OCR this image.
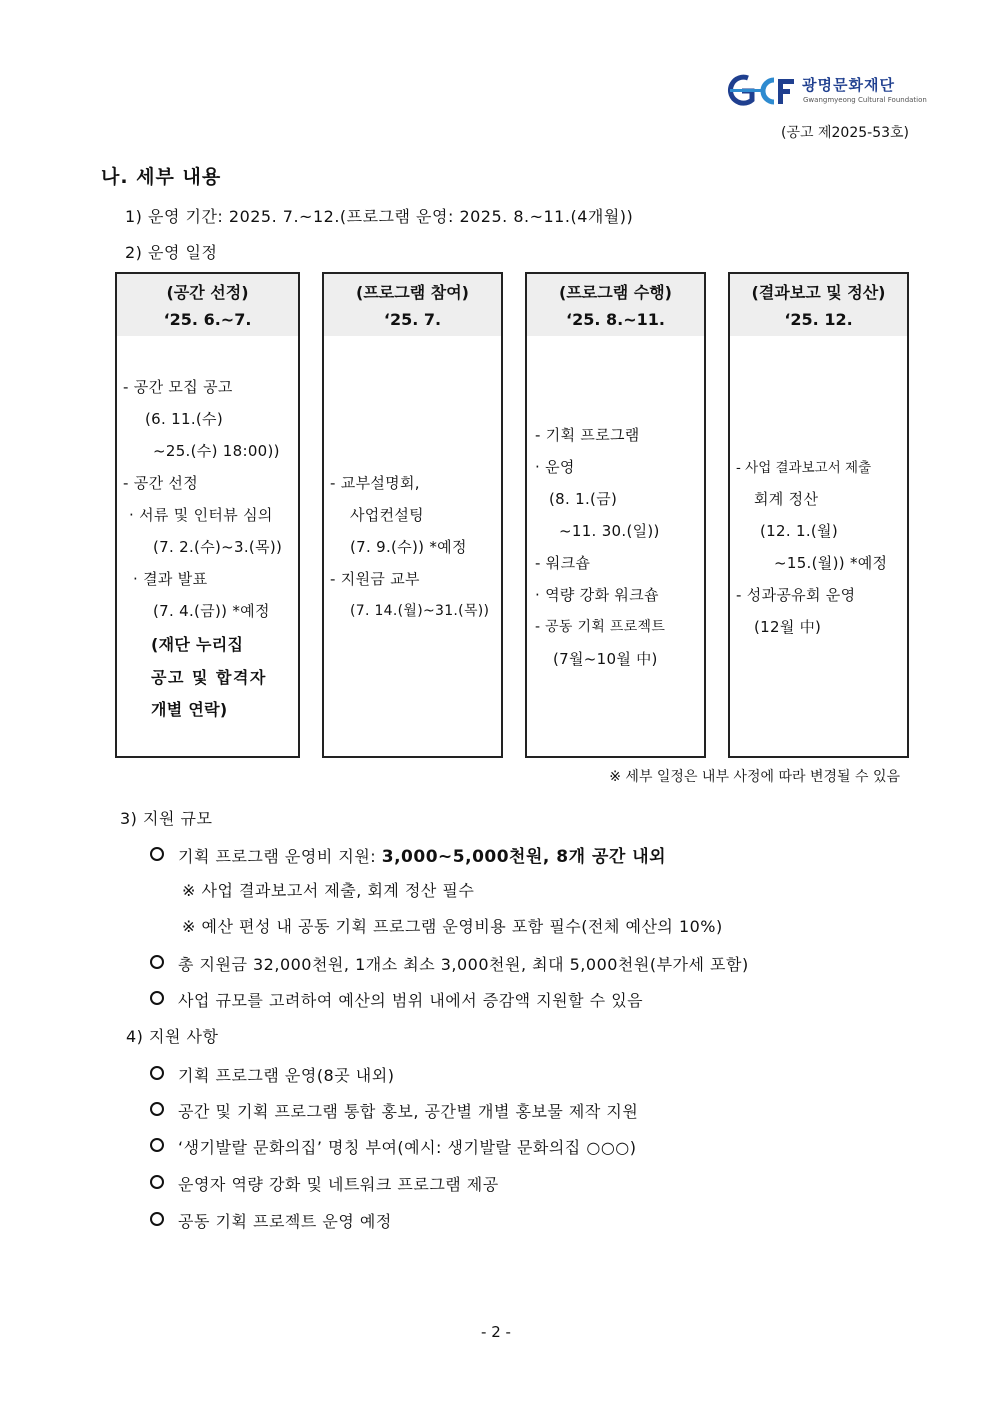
광명문화재단
Gwangmyeong Cultural Foundation
(공고 제2025-53호)
나. 세부 내용
1) 운영 기간: 2025. 7.~12.(프로그램 운영: 2025. 8.~11.(4개월))
2) 운영 일정
(공간 선정)
‘25. 6.~7.
- 공간 모집 공고
(6. 11.(수)
~25.(수) 18:00))
- 공간 선정
· 서류 및 인터뷰 심의
(7. 2.(수)~3.(목))
· 결과 발표
(7. 4.(금)) *예정
(재단 누리집
공고 및 합격자
개별 연락)
(프로그램 참여)
‘25. 7.
- 교부설명회,
사업컨설팅
(7. 9.(수)) *예정
- 지원금 교부
(7. 14.(월)~31.(목))
(프로그램 수행)
‘25. 8.~11.
- 기획 프로그램
· 운영
(8. 1.(금)
~11. 30.(일))
- 워크숍
· 역량 강화 워크숍
- 공동 기획 프로젝트
(7월~10월 中)
(결과보고 및 정산)
‘25. 12.
- 사업 결과보고서 제출
회계 정산
(12. 1.(월)
~15.(월)) *예정
- 성과공유회 운영
(12월 中)
※ 세부 일정은 내부 사정에 따라 변경될 수 있음
3) 지원 규모
기획 프로그램 운영비 지원: 3,000~5,000천원, 8개 공간 내외
※ 사업 결과보고서 제출, 회계 정산 필수
※ 예산 편성 내 공동 기획 프로그램 운영비용 포함 필수(전체 예산의 10%)
총 지원금 32,000천원, 1개소 최소 3,000천원, 최대 5,000천원(부가세 포함)
사업 규모를 고려하여 예산의 범위 내에서 증감액 지원할 수 있음
4) 지원 사항
기획 프로그램 운영(8곳 내외)
공간 및 기획 프로그램 통합 홍보, 공간별 개별 홍보물 제작 지원
‘생기발랄 문화의집’ 명칭 부여(예시: 생기발랄 문화의집 ○○○)
운영자 역량 강화 및 네트워크 프로그램 제공
공동 기획 프로젝트 운영 예정
- 2 -
